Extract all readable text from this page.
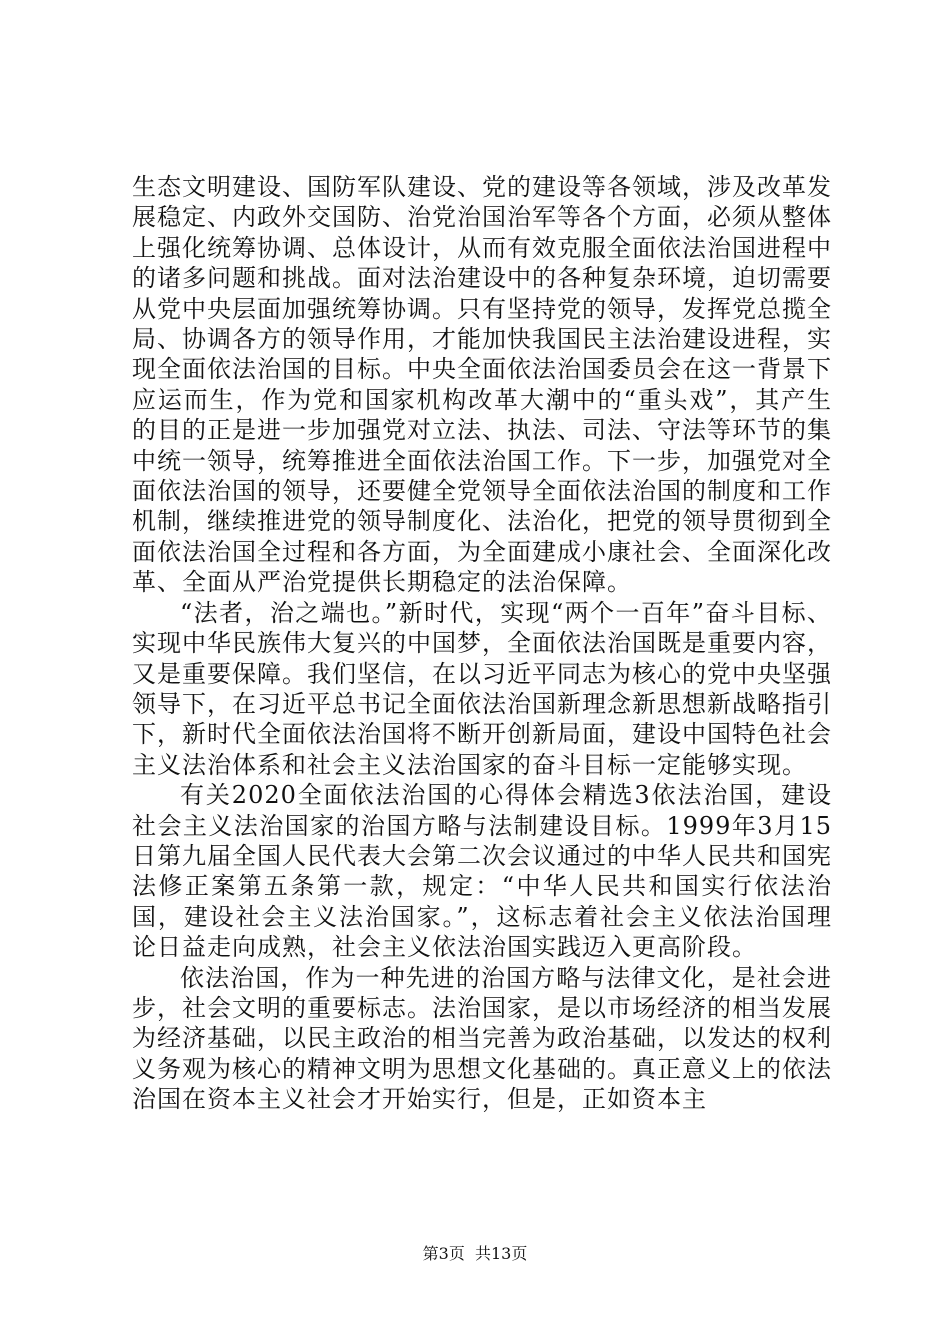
生态文明建设、国防军队建设、党的建设等各领域，涉及改革发展稳定、内政外交国防、治党治国治军等各个方面，必须从整体上强化统筹协调、总体设计，从而有效克服全面依法治国进程中的诸多问题和挑战。面对法治建设中的各种复杂环境，迫切需要从党中央层面加强统筹协调。只有坚持党的领导，发挥党总揽全局、协调各方的领导作用，才能加快我国民主法治建设进程，实现全面依法治国的目标。中央全面依法治国委员会在这一背景下应运而生，作为党和国家机构改革大潮中的“重头戏”，其产生的目的正是进一步加强党对立法、执法、司法、守法等环节的集中统一领导，统筹推进全面依法治国工作。下一步，加强党对全面依法治国的领导，还要健全党领导全面依法治国的制度和工作机制，继续推进党的领导制度化、法治化，把党的领导贯彻到全面依法治国全过程和各方面，为全面建成小康社会、全面深化改革、全面从严治党提供长期稳定的法治保障。

“法者，治之端也。”新时代，实现“两个一百年”奋斗目标、实现中华民族伟大复兴的中国梦，全面依法治国既是重要内容，又是重要保障。我们坚信，在以习近平同志为核心的党中央坚强领导下，在习近平总书记全面依法治国新理念新思想新战略指引下，新时代全面依法治国将不断开创新局面，建设中国特色社会主义法治体系和社会主义法治国家的奋斗目标一定能够实现。

有关2020全面依法治国的心得体会精选3依法治国，建设社会主义法治国家的治国方略与法制建设目标。1999年3月15日第九届全国人民代表大会第二次会议通过的中华人民共和国宪法修正案第五条第一款，规定：“中华人民共和国实行依法治国，建设社会主义法治国家。”，这标志着社会主义依法治国理论日益走向成熟，社会主义依法治国实践迈入更高阶段。

依法治国，作为一种先进的治国方略与法律文化，是社会进步，社会文明的重要标志。法治国家，是以市场经济的相当发展为经济基础，以民主政治的相当完善为政治基础，以发达的权利义务观为核心的精神文明为思想文化基础的。真正意义上的依法治国在资本主义社会才开始实行，但是，正如资本主

第3页  共13页
